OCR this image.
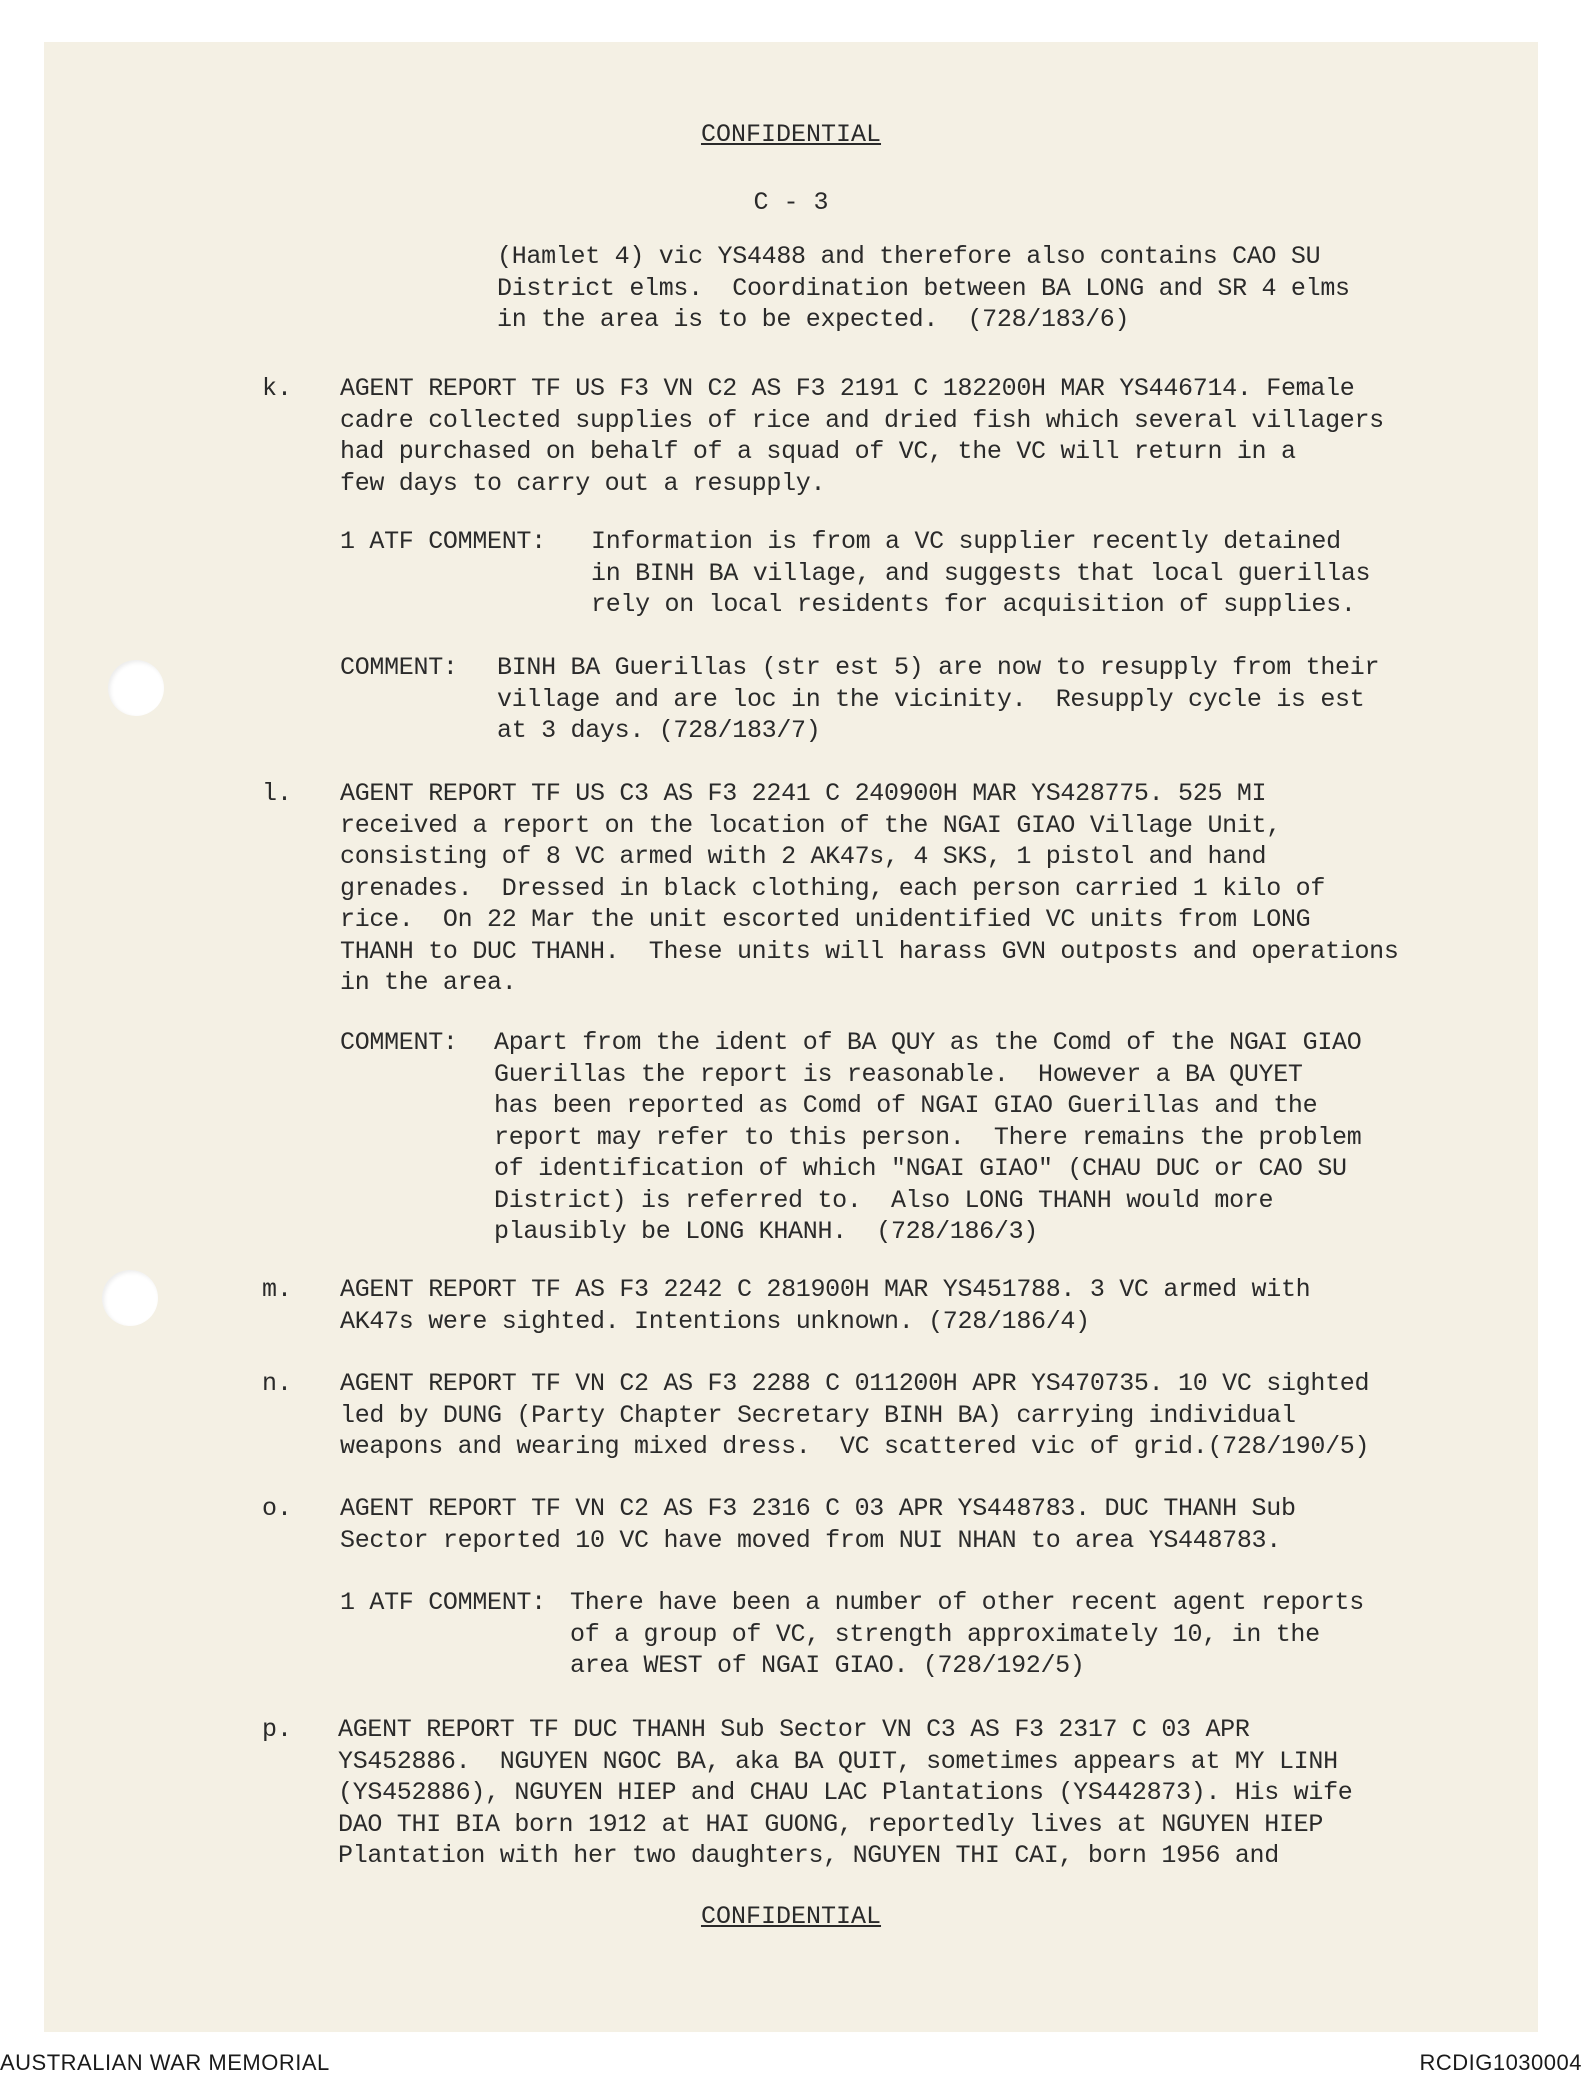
CONFIDENTIAL
C - 3
(Hamlet 4) vic YS4488 and therefore also contains CAO SU
District elms.  Coordination between BA LONG and SR 4 elms
in the area is to be expected.  (728/183/6)
k. AGENT REPORT TF US F3 VN C2 AS F3 2191 C 182200H MAR YS446714. Female
cadre collected supplies of rice and dried fish which several villagers
had purchased on behalf of a squad of VC, the VC will return in a
few days to carry out a resupply.
1 ATF COMMENT: Information is from a VC supplier recently detained
in BINH BA village, and suggests that local guerillas
rely on local residents for acquisition of supplies.
COMMENT: BINH BA Guerillas (str est 5) are now to resupply from their
village and are loc in the vicinity.  Resupply cycle is est
at 3 days. (728/183/7)
l. AGENT REPORT TF US C3 AS F3 2241 C 240900H MAR YS428775. 525 MI
received a report on the location of the NGAI GIAO Village Unit,
consisting of 8 VC armed with 2 AK47s, 4 SKS, 1 pistol and hand
grenades.  Dressed in black clothing, each person carried 1 kilo of
rice.  On 22 Mar the unit escorted unidentified VC units from LONG
THANH to DUC THANH.  These units will harass GVN outposts and operations
in the area.
COMMENT: Apart from the ident of BA QUY as the Comd of the NGAI GIAO
Guerillas the report is reasonable.  However a BA QUYET
has been reported as Comd of NGAI GIAO Guerillas and the
report may refer to this person.  There remains the problem
of identification of which "NGAI GIAO" (CHAU DUC or CAO SU
District) is referred to.  Also LONG THANH would more
plausibly be LONG KHANH.  (728/186/3)
m. AGENT REPORT TF AS F3 2242 C 281900H MAR YS451788. 3 VC armed with
AK47s were sighted. Intentions unknown. (728/186/4)
n. AGENT REPORT TF VN C2 AS F3 2288 C 011200H APR YS470735. 10 VC sighted
led by DUNG (Party Chapter Secretary BINH BA) carrying individual
weapons and wearing mixed dress.  VC scattered vic of grid.(728/190/5)
o. AGENT REPORT TF VN C2 AS F3 2316 C 03 APR YS448783. DUC THANH Sub
Sector reported 10 VC have moved from NUI NHAN to area YS448783.
1 ATF COMMENT: There have been a number of other recent agent reports
of a group of VC, strength approximately 10, in the
area WEST of NGAI GIAO. (728/192/5)
p. AGENT REPORT TF DUC THANH Sub Sector VN C3 AS F3 2317 C 03 APR
YS452886.  NGUYEN NGOC BA, aka BA QUIT, sometimes appears at MY LINH
(YS452886), NGUYEN HIEP and CHAU LAC Plantations (YS442873). His wife
DAO THI BIA born 1912 at HAI GUONG, reportedly lives at NGUYEN HIEP
Plantation with her two daughters, NGUYEN THI CAI, born 1956 and
CONFIDENTIAL
AUSTRALIAN WAR MEMORIAL	RCDIG1030004
